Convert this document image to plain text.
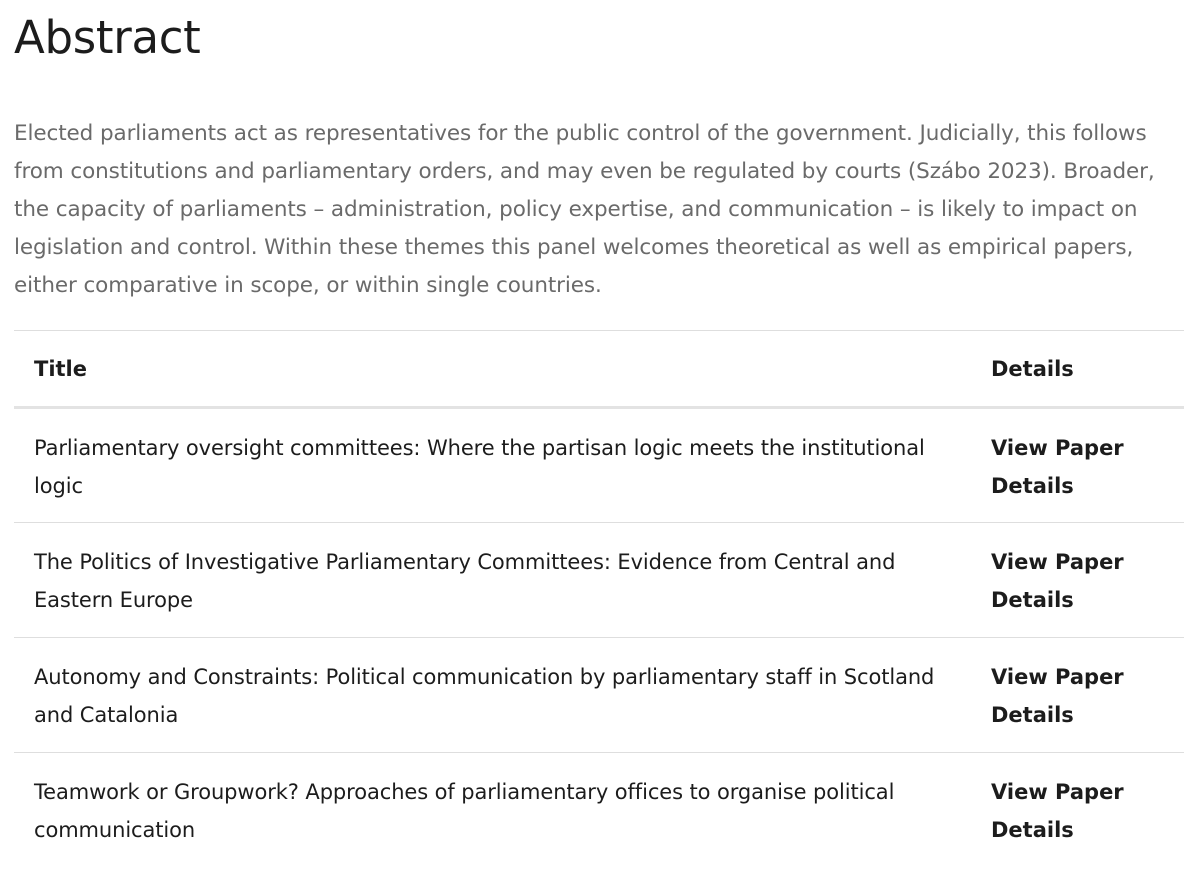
Abstract

Elected parliaments act as representatives for the public control of the government. Judicially, this follows from constitutions and parliamentary orders, and may even be regulated by courts (Szábo 2023). Broader, the capacity of parliaments – administration, policy expertise, and communication – is likely to impact on legislation and control. Within these themes this panel welcomes theoretical as well as empirical papers, either comparative in scope, or within single countries.

Title	Details
Parliamentary oversight committees: Where the partisan logic meets the institutional logic	View Paper Details
The Politics of Investigative Parliamentary Committees: Evidence from Central and Eastern Europe	View Paper Details
Autonomy and Constraints: Political communication by parliamentary staff in Scotland and Catalonia	View Paper Details
Teamwork or Groupwork? Approaches of parliamentary offices to organise political communication	View Paper Details
